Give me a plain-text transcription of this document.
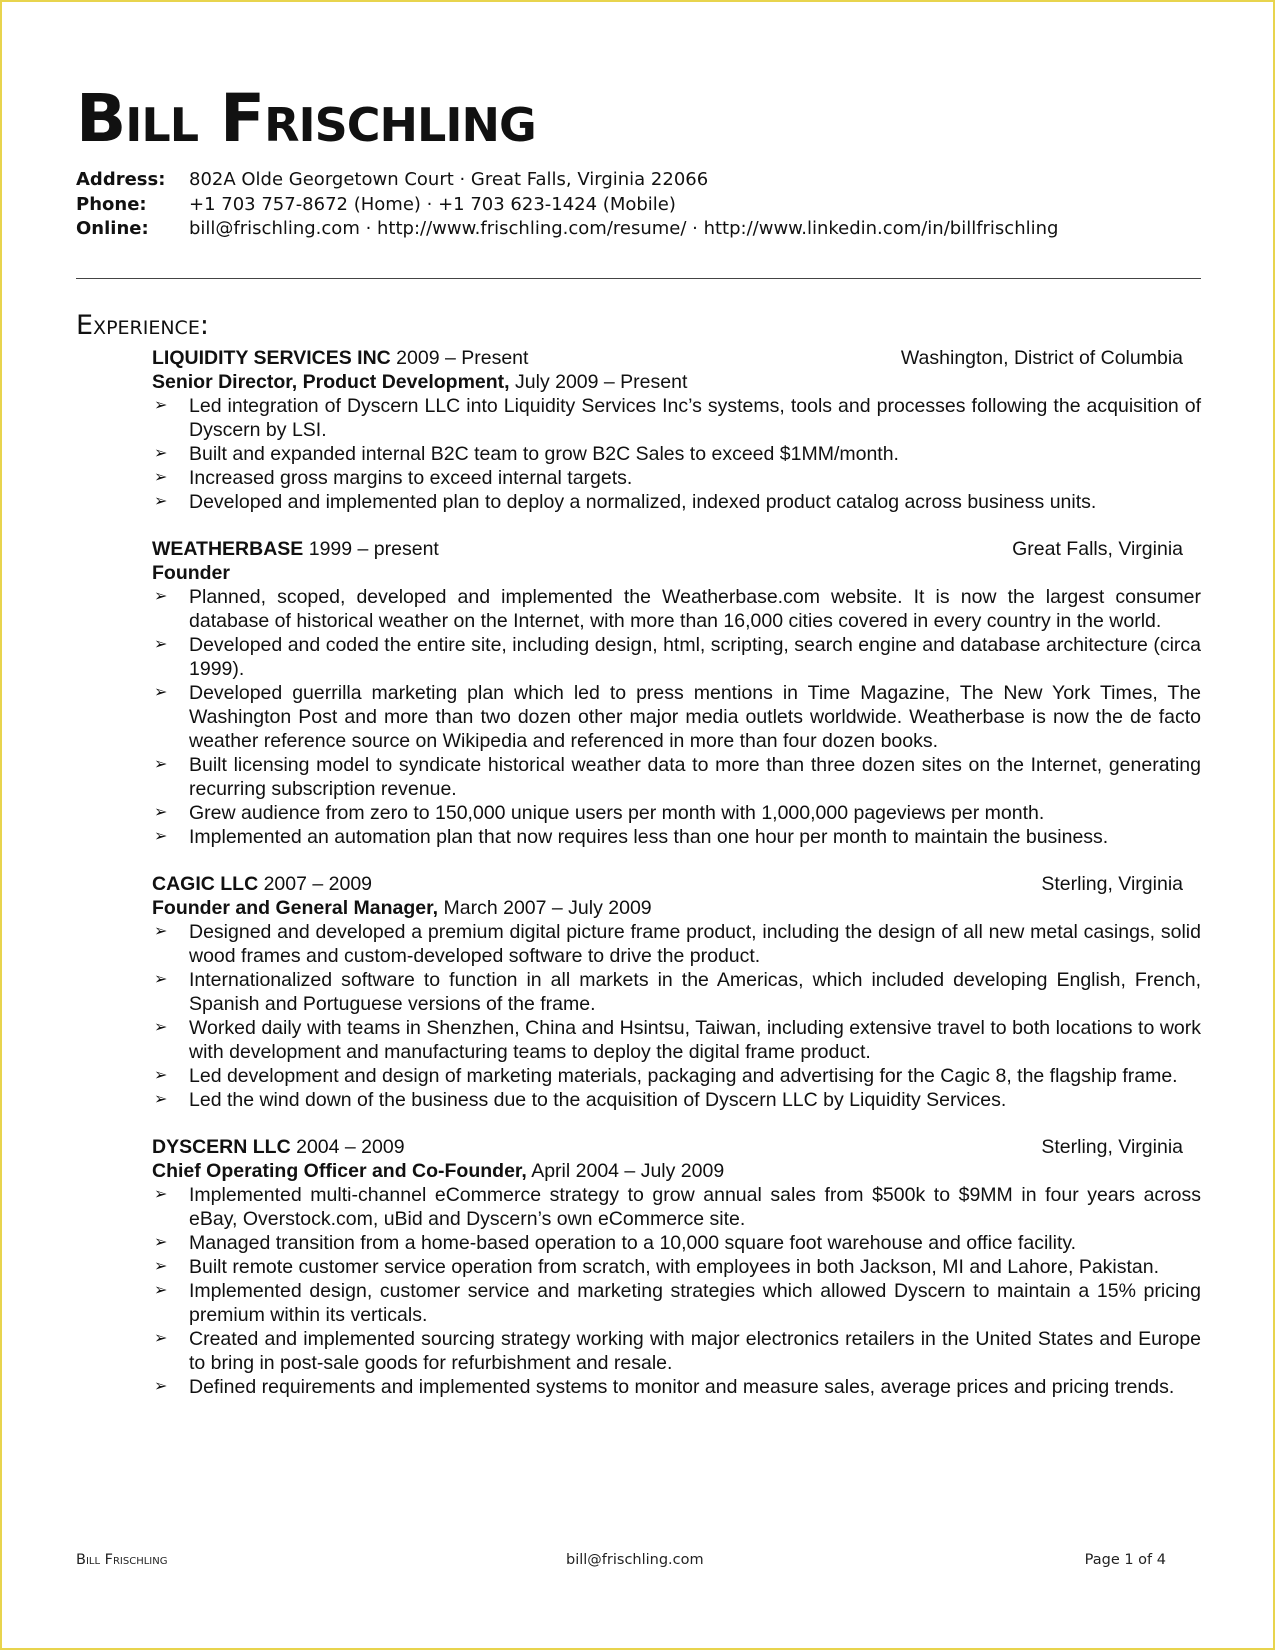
Bill Frischling
Address: 802A Olde Georgetown Court · Great Falls, Virginia 22066
Phone: +1 703 757-8672 (Home) · +1 703 623-1424 (Mobile)
Online: bill@frischling.com · http://www.frischling.com/resume/ · http://www.linkedin.com/in/billfrischling
Experience:
LIQUIDITY SERVICES INC 2009 – Present	Washington, District of Columbia
Senior Director, Product Development, July 2009 – Present
➢ Led integration of Dyscern LLC into Liquidity Services Inc’s systems, tools and processes following the acquisition of Dyscern by LSI.
➢ Built and expanded internal B2C team to grow B2C Sales to exceed $1MM/month.
➢ Increased gross margins to exceed internal targets.
➢ Developed and implemented plan to deploy a normalized, indexed product catalog across business units.
WEATHERBASE 1999 – present	Great Falls, Virginia
Founder
➢ Planned, scoped, developed and implemented the Weatherbase.com website. It is now the largest consumer database of historical weather on the Internet, with more than 16,000 cities covered in every country in the world.
➢ Developed and coded the entire site, including design, html, scripting, search engine and database architecture (circa 1999).
➢ Developed guerrilla marketing plan which led to press mentions in Time Magazine, The New York Times, The Washington Post and more than two dozen other major media outlets worldwide. Weatherbase is now the de facto weather reference source on Wikipedia and referenced in more than four dozen books.
➢ Built licensing model to syndicate historical weather data to more than three dozen sites on the Internet, generating recurring subscription revenue.
➢ Grew audience from zero to 150,000 unique users per month with 1,000,000 pageviews per month.
➢ Implemented an automation plan that now requires less than one hour per month to maintain the business.
CAGIC LLC 2007 – 2009	Sterling, Virginia
Founder and General Manager, March 2007 – July 2009
➢ Designed and developed a premium digital picture frame product, including the design of all new metal casings, solid wood frames and custom-developed software to drive the product.
➢ Internationalized software to function in all markets in the Americas, which included developing English, French, Spanish and Portuguese versions of the frame.
➢ Worked daily with teams in Shenzhen, China and Hsintsu, Taiwan, including extensive travel to both locations to work with development and manufacturing teams to deploy the digital frame product.
➢ Led development and design of marketing materials, packaging and advertising for the Cagic 8, the flagship frame.
➢ Led the wind down of the business due to the acquisition of Dyscern LLC by Liquidity Services.
DYSCERN LLC 2004 – 2009	Sterling, Virginia
Chief Operating Officer and Co-Founder, April 2004 – July 2009
➢ Implemented multi-channel eCommerce strategy to grow annual sales from $500k to $9MM in four years across eBay, Overstock.com, uBid and Dyscern’s own eCommerce site.
➢ Managed transition from a home-based operation to a 10,000 square foot warehouse and office facility.
➢ Built remote customer service operation from scratch, with employees in both Jackson, MI and Lahore, Pakistan.
➢ Implemented design, customer service and marketing strategies which allowed Dyscern to maintain a 15% pricing premium within its verticals.
➢ Created and implemented sourcing strategy working with major electronics retailers in the United States and Europe to bring in post-sale goods for refurbishment and resale.
➢ Defined requirements and implemented systems to monitor and measure sales, average prices and pricing trends.
Bill Frischling	bill@frischling.com	Page 1 of 4
